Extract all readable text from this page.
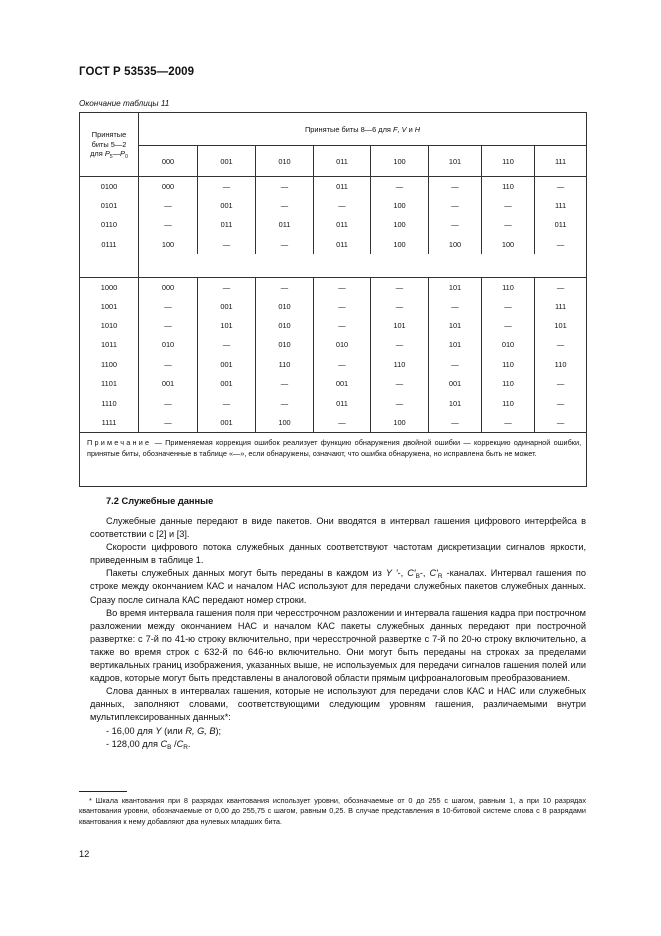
ГОСТ Р 53535—2009
Окончание таблицы 11
Принятые
биты 5—2
для $P_5—P_0$	Принятые биты 8—6 для F, V и H							
	000	001	010	011	100	101	110	111
0100	000	—	—	011	—	—	110	—
0101	—	001	—	—	100	—	—	111
0110	—	011	011	011	100	—	—	011
0111	100	—	—	011	100	100	100	—

1000	000	—	—	—	—	101	110	—
1001	—	001	010	—	—	—	—	111
1010	—	101	010	—	101	101	—	101
1011	010	—	010	010	—	101	010	—
1100	—	001	110	—	110	—	110	110
1101	001	001	—	001	—	001	110	—
1110	—	—	—	011	—	101	110	—
1111	—	001	100	—	100	—	—	—
Примечание — Применяемая коррекция ошибок реализует функцию обнаружения двойной ошибки — коррекцию одинарной ошибки, принятые биты, обозначенные в таблице «—», если обнаружены, означают, что ошибка обнаружена, но исправлена быть не может.								
7.2 Служебные данные

Служебные данные передают в виде пакетов. Они вводятся в интервал гашения цифрового интерфейса в соответствии с [2] и [3].

Скорости цифрового потока служебных данных соответствуют частотам дискретизации сигналов яркости, приведенным в таблице 1.

Пакеты служебных данных могут быть переданы в каждом из Y ′-, $C'_B-$, $C'_R$ -каналах. Интервал гашения по строке между окончанием КАС и началом НАС используют для передачи служебных пакетов служебных данных. Сразу после сигнала КАС передают номер строки.

Во время интервала гашения поля при чересстрочном разложении и интервала гашения кадра при построчном разложении между окончанием НАС и началом КАС пакеты служебных данных передают при построчной развертке: с 7-й по 41-ю строку включительно, при чересстрочной развертке с 7-й по 20-ю строку включительно, а также во время строк с 632-й по 646-ю включительно. Они могут быть переданы на строках за пределами вертикальных границ изображения, указанных выше, не используемых для передачи сигналов гашения полей или кадров, которые могут быть представлены в аналоговой области прямым цифроаналоговым преобразованием.

Слова данных в интервалах гашения, которые не используют для передачи слов КАС и НАС или служебных данных, заполняют словами, соответствующими следующим уровням гашения, различаемыми внутри мультиплексированных данных*:

- 16,00 для Y (или R, G, B);

- 128,00 для $C_B$ $/C_R$.

* Шкала квантования при 8 разрядах квантования использует уровни, обозначаемые от 0 до 255 с шагом, равным 1, а при 10 разрядах квантования уровни, обозначаемые от 0,00 до 255,75 с шагом, равным 0,25. В случае представления в 10-битовой системе слова с 8 разрядами квантования к нему добавляют два нулевых младших бита.

12
